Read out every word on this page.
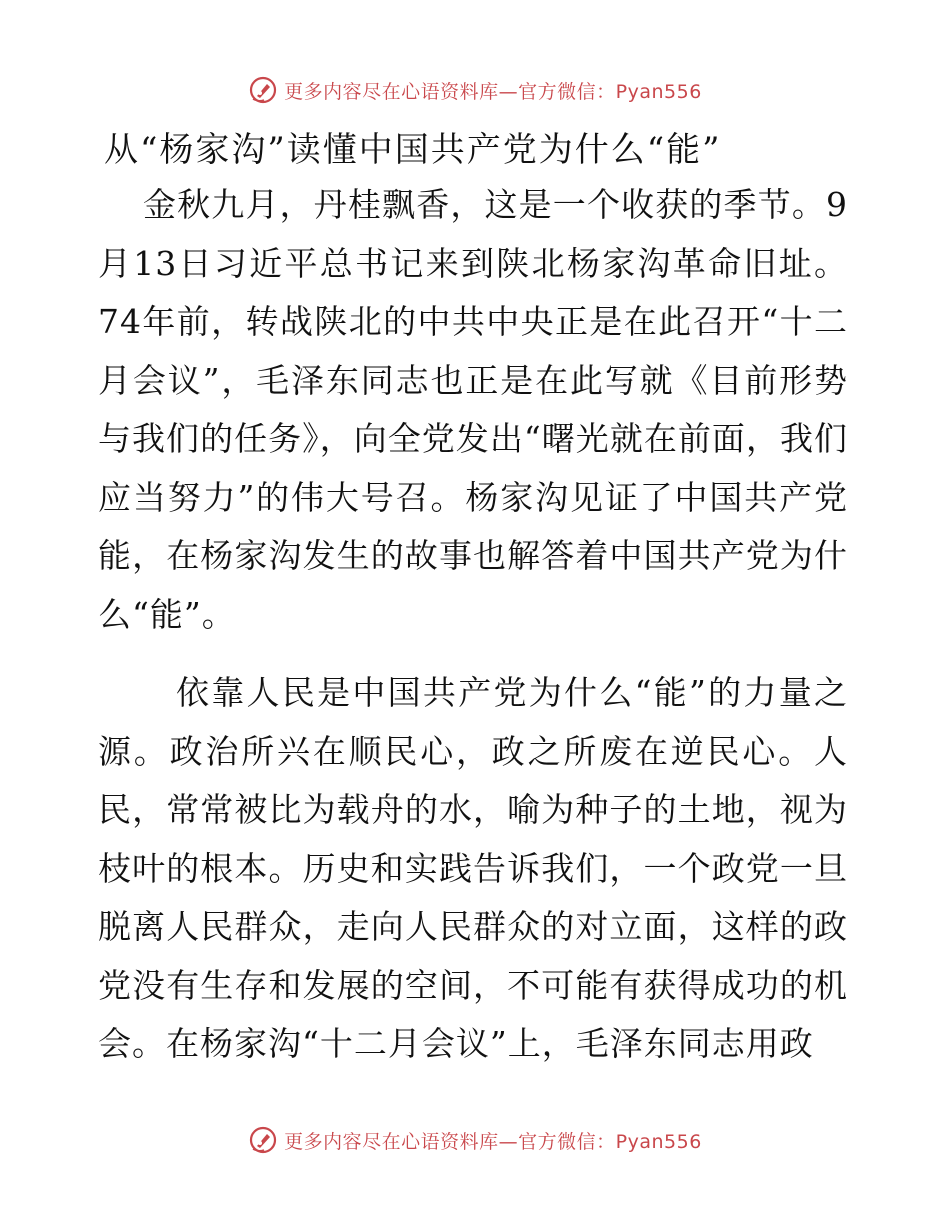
更多内容尽在心语资料库—官方微信：Pyan556
从“杨家沟”读懂中国共产党为什么“能”

金秋九月，丹桂飘香，这是一个收获的季节。9月13日习近平总书记来到陕北杨家沟革命旧址。74年前，转战陕北的中共中央正是在此召开“十二月会议”，毛泽东同志也正是在此写就《目前形势与我们的任务》，向全党发出“曙光就在前面，我们应当努力”的伟大号召。杨家沟见证了中国共产党能，在杨家沟发生的故事也解答着中国共产党为什么“能”。

依靠人民是中国共产党为什么“能”的力量之源。政治所兴在顺民心，政之所废在逆民心。人民，常常被比为载舟的水，喻为种子的土地，视为枝叶的根本。历史和实践告诉我们，一个政党一旦脱离人民群众，走向人民群众的对立面，这样的政党没有生存和发展的空间，不可能有获得成功的机会。在杨家沟“十二月会议”上，毛泽东同志用政

更多内容尽在心语资料库—官方微信：Pyan556
